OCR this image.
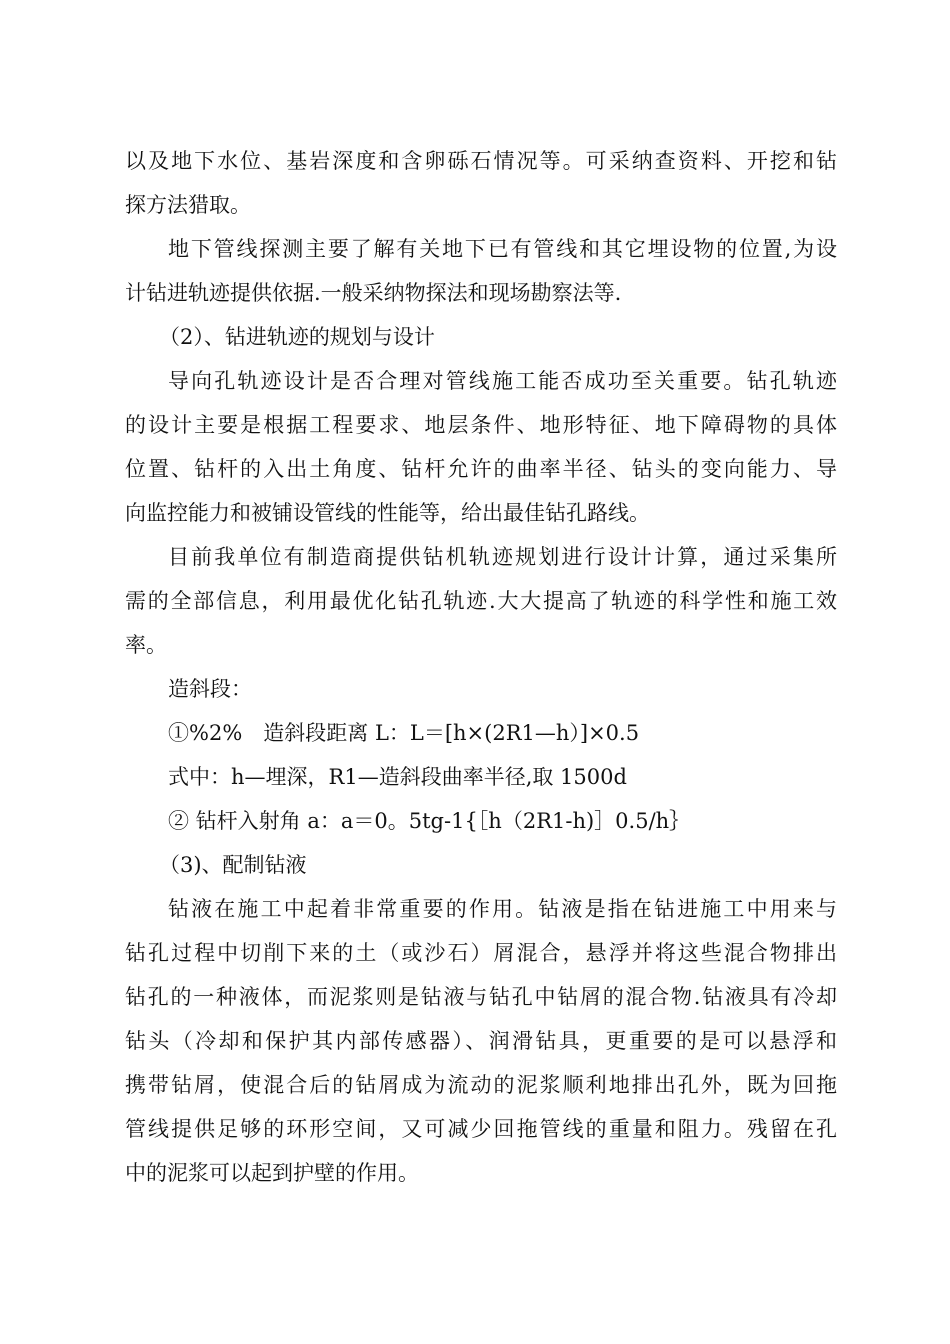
以及地下水位、基岩深度和含卵砾石情况等。可采纳查资料、开挖和钻
探方法猎取。
地下管线探测主要了解有关地下已有管线和其它埋设物的位置,为设
计钻进轨迹提供依据.一般采纳物探法和现场勘察法等.
（2）、钻进轨迹的规划与设计
导向孔轨迹设计是否合理对管线施工能否成功至关重要。钻孔轨迹
的设计主要是根据工程要求、地层条件、地形特征、地下障碍物的具体
位置、钻杆的入出土角度、钻杆允许的曲率半径、钻头的变向能力、导
向监控能力和被铺设管线的性能等，给出最佳钻孔路线。
目前我单位有制造商提供钻机轨迹规划进行设计计算，通过采集所
需的全部信息，利用最优化钻孔轨迹.大大提高了轨迹的科学性和施工效
率。
造斜段：
①%2%　造斜段距离 L：L＝[h×(2R1—h）]×0.5
式中：h—埋深，R1—造斜段曲率半径,取 1500d
② 钻杆入射角 a：a＝0。5tg-1{［h（2R1-h)］0.5/h｝
（3)、配制钻液
钻液在施工中起着非常重要的作用。钻液是指在钻进施工中用来与
钻孔过程中切削下来的土（或沙石）屑混合，悬浮并将这些混合物排出
钻孔的一种液体，而泥浆则是钻液与钻孔中钻屑的混合物.钻液具有冷却
钻头（冷却和保护其内部传感器）、润滑钻具，更重要的是可以悬浮和
携带钻屑，使混合后的钻屑成为流动的泥浆顺利地排出孔外，既为回拖
管线提供足够的环形空间，又可减少回拖管线的重量和阻力。残留在孔
中的泥浆可以起到护壁的作用。
